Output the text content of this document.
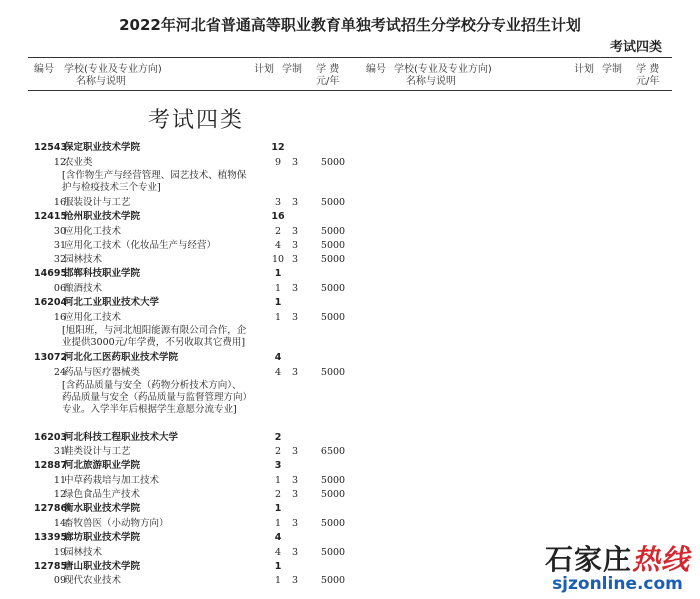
2022年河北省普通高等职业教育单独考试招生分学校分专业招生计划
考试四类
编号 学校(专业及专业方向)
名称与说明
计划 学制 学 费
元/年
编号 学校(专业及专业方向)
名称与说明
计划 学制 学 费
元/年
考试四类
12543
保定职业技术学院	12
12
农业类	9	3	5000
[含作物生产与经营管理、园艺技术、植物保护与检疫技术三个专业]
16
服装设计与工艺	3	3	5000
12415
沧州职业技术学院	16
30
应用化工技术	2	3	5000
31
应用化工技术（化妆品生产与经营）	4	3	5000
32
园林技术	10 3	5000
14695
邯郸科技职业学院	1
06
酿酒技术	1	3	5000
16204
河北工业职业技术大学	1
16
应用化工技术	1	3	5000
[旭阳班，与河北旭阳能源有限公司合作，企业提供3000元/年学费，不另收取其它费用]
13072
河北化工医药职业技术学院	4
24
药品与医疗器械类	4	3	5000
[含药品质量与安全（药物分析技术方向）、药品质量与安全（药品质量与监督管理方向）专业。入学半年后根据学生意愿分流专业]
16203
河北科技工程职业技术大学	2
31
鞋类设计与工艺	2	3	6500
12887
河北旅游职业学院	3
11
中草药栽培与加工技术	1	3	5000
12
绿色食品生产技术	2	3	5000
12786
衡水职业技术学院	1
14
畜牧兽医（小动物方向）	1	3	5000
13395
廊坊职业技术学院	4
19
园林技术	4	3	5000
12785
唐山职业技术学院	1
09
现代农业技术	1	3	5000
石家庄热线
sjzonline.com
